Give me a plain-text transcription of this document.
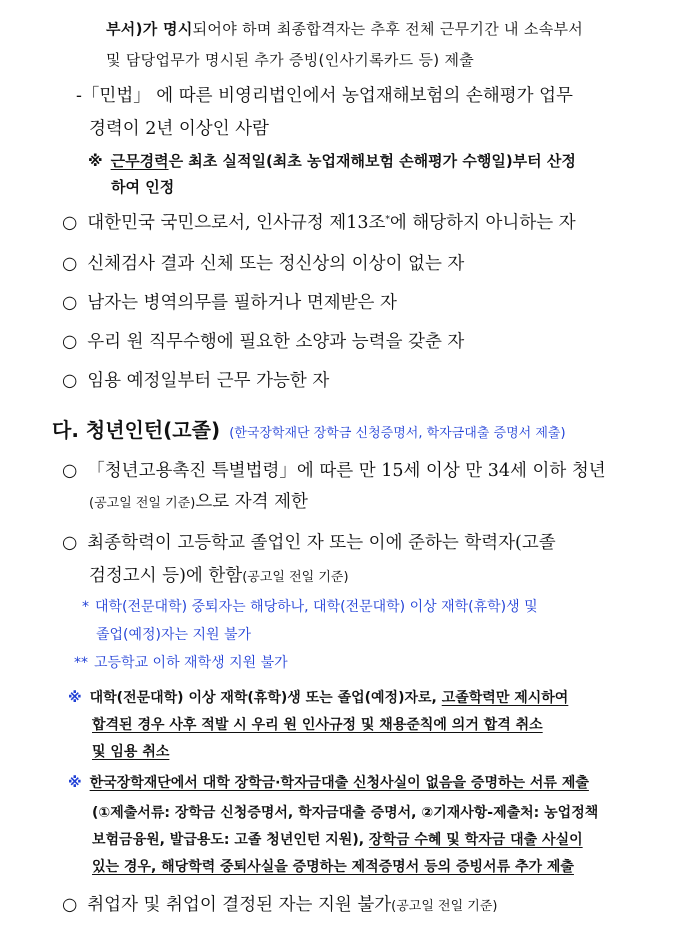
부서)가 명시되어야 하며 최종합격자는 추후 전체 근무기간 내 소속부서
및 담당업무가 명시된 추가 증빙(인사기록카드 등) 제출
-「민법」 에 따른 비영리법인에서 농업재해보험의 손해평가 업무
경력이 2년 이상인 사람
※ 근무경력은 최초 실적일(최초 농업재해보험 손해평가 수행일)부터 산정
하여 인정
○ 대한민국 국민으로서, 인사규정 제13조*에 해당하지 아니하는 자
○ 신체검사 결과 신체 또는 정신상의 이상이 없는 자
○ 남자는 병역의무를 필하거나 면제받은 자
○ 우리 원 직무수행에 필요한 소양과 능력을 갖춘 자
○ 임용 예정일부터 근무 가능한 자
다. 청년인턴(고졸) (한국장학재단 장학금 신청증명서, 학자금대출 증명서 제출)
○ 「청년고용촉진 특별법령」에 따른 만 15세 이상 만 34세 이하 청년
(공고일 전일 기준)으로 자격 제한
○ 최종학력이 고등학교 졸업인 자 또는 이에 준하는 학력자(고졸
검정고시 등)에 한함(공고일 전일 기준)
* 대학(전문대학) 중퇴자는 해당하나, 대학(전문대학) 이상 재학(휴학)생 및
졸업(예정)자는 지원 불가
** 고등학교 이하 재학생 지원 불가
※ 대학(전문대학) 이상 재학(휴학)생 또는 졸업(예정)자로, 고졸학력만 제시하여
합격된 경우 사후 적발 시 우리 원 인사규정 및 채용준칙에 의거 합격 취소
및 임용 취소
※ 한국장학재단에서 대학 장학금·학자금대출 신청사실이 없음을 증명하는 서류 제출
(①제출서류: 장학금 신청증명서, 학자금대출 증명서, ②기재사항-제출처: 농업정책
보험금융원, 발급용도: 고졸 청년인턴 지원), 장학금 수혜 및 학자금 대출 사실이
있는 경우, 해당학력 중퇴사실을 증명하는 제적증명서 등의 증빙서류 추가 제출
○ 취업자 및 취업이 결정된 자는 지원 불가(공고일 전일 기준)
